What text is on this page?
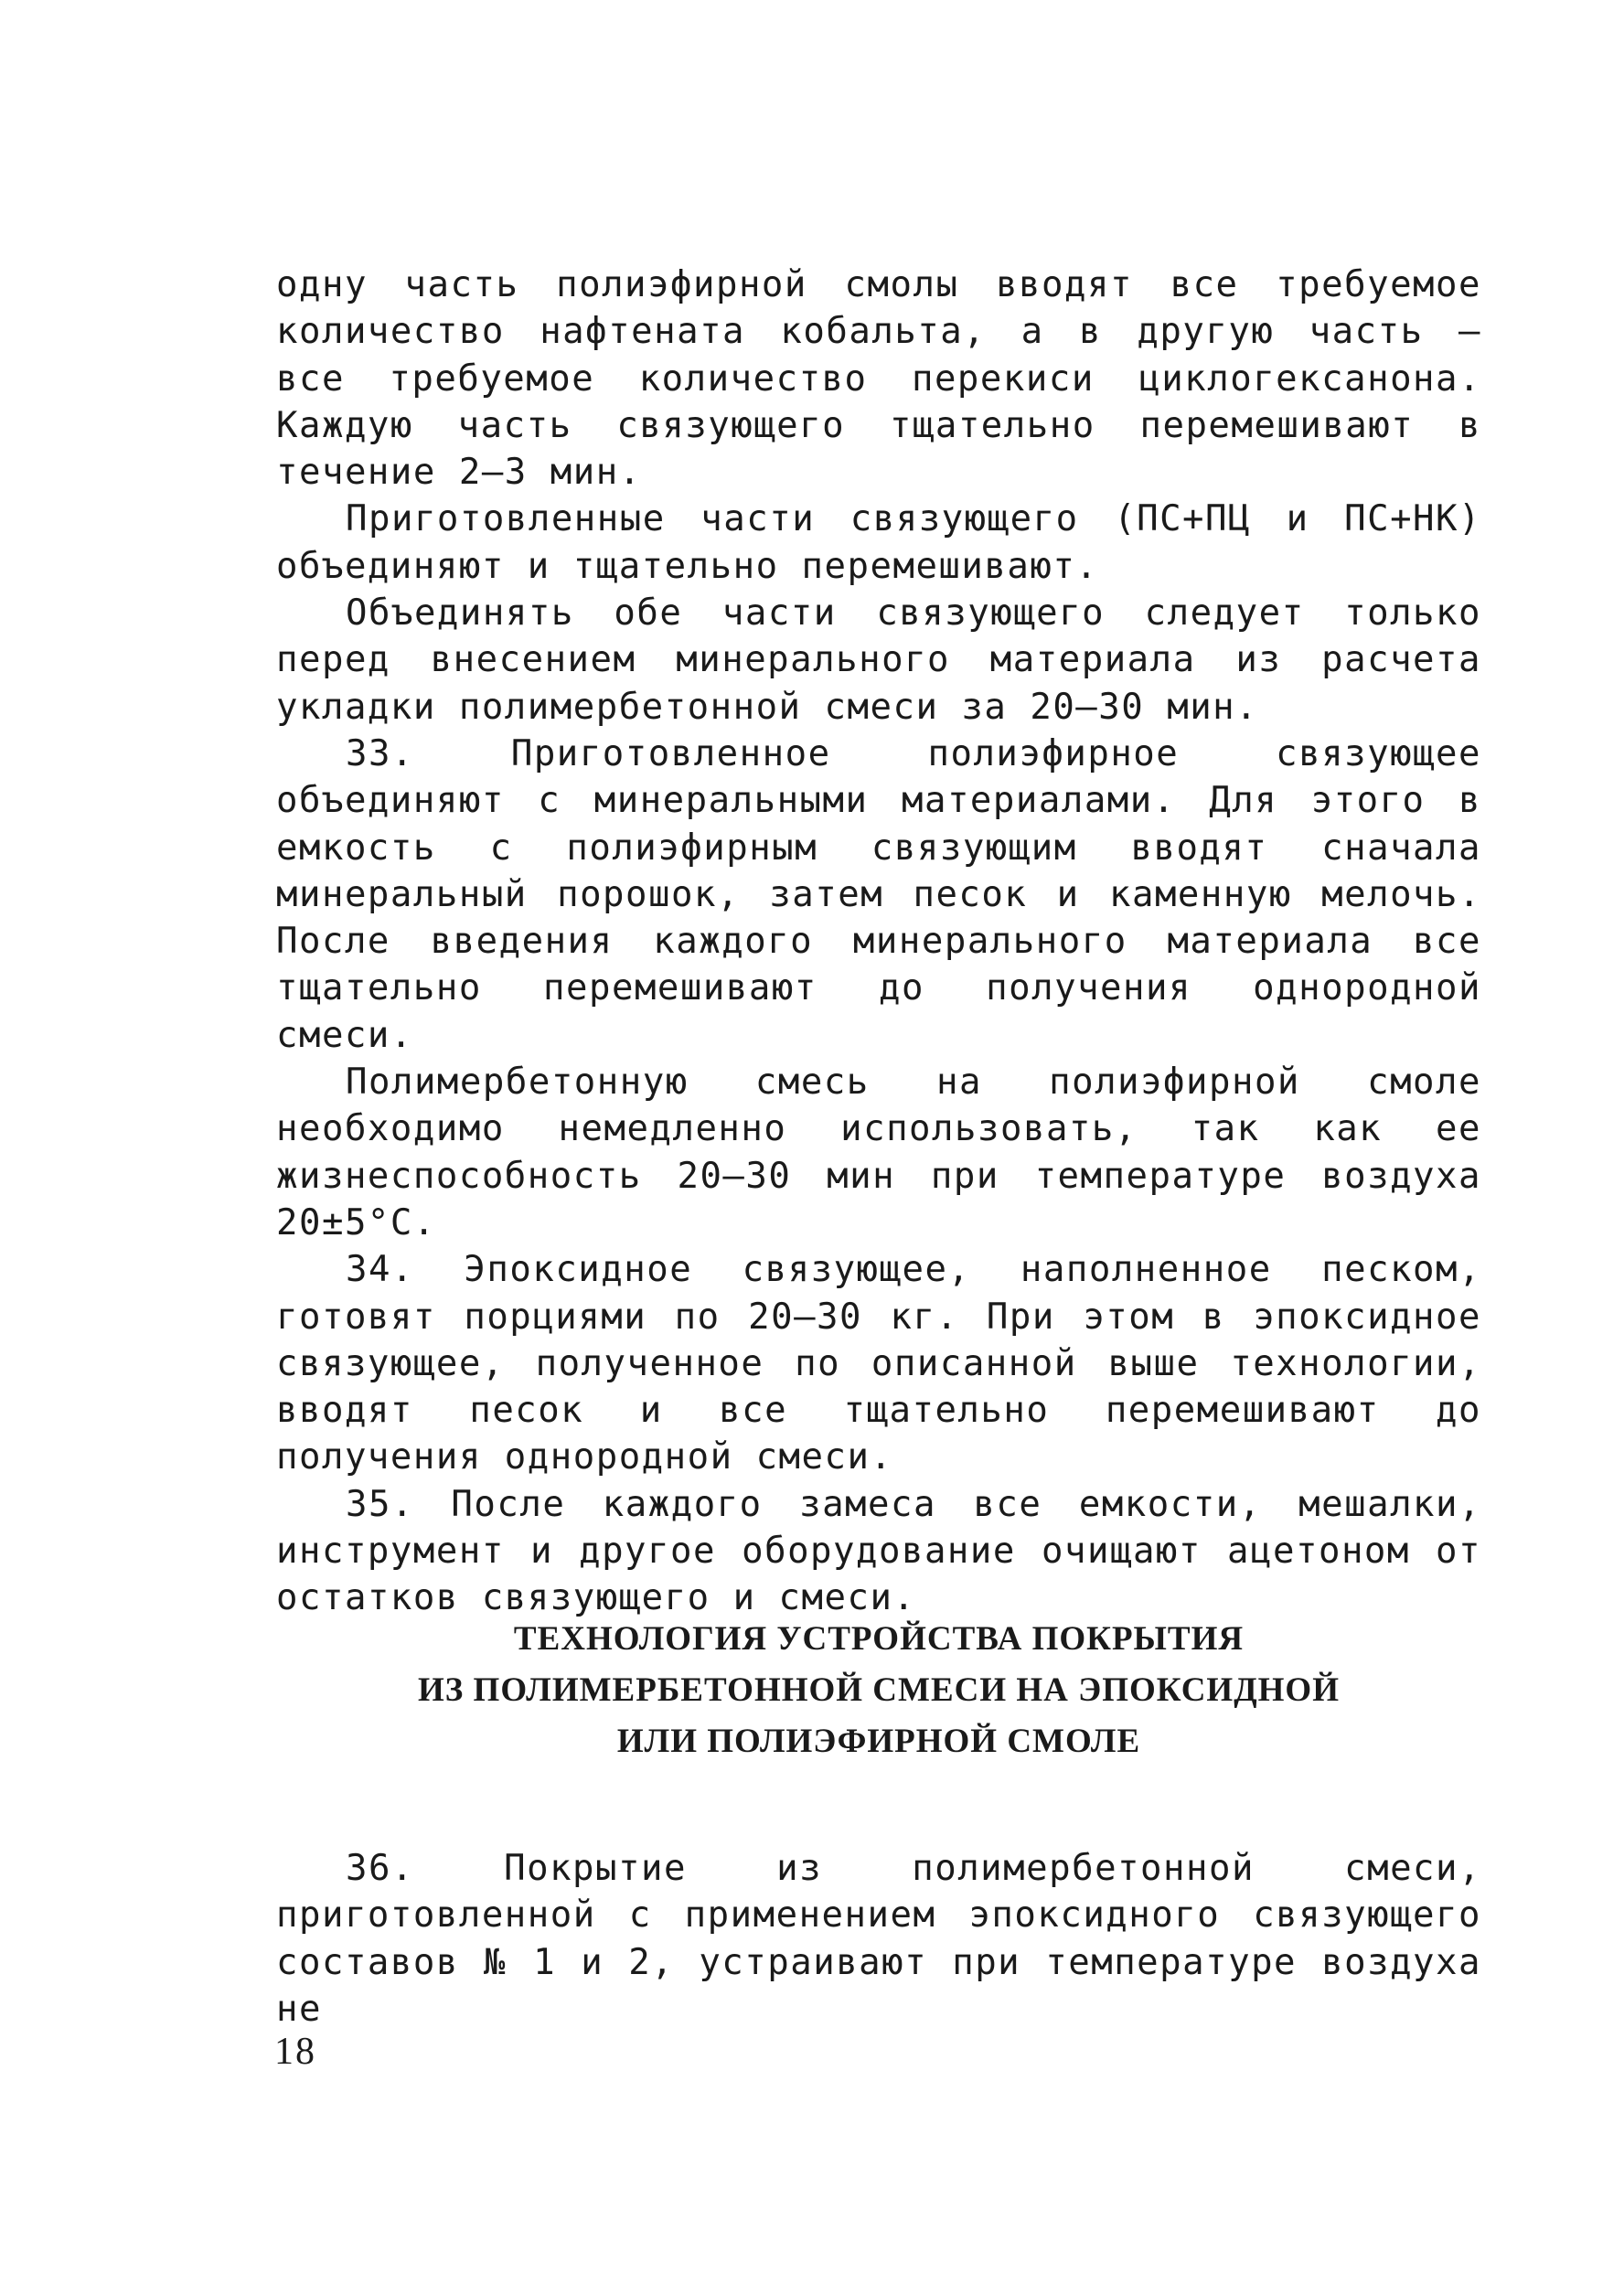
одну часть полиэфирной смолы вводят все требуемое количество нафтената кобальта, а в другую часть – все требуемое количество перекиси циклогексанона. Каждую часть связующего тщательно перемешивают в течение 2–3 мин.

Приготовленные части связующего (ПС+ПЦ и ПС+НК) объединяют и тщательно перемешивают.

Объединять обе части связующего следует только перед внесением минерального материала из расчета укладки полимербетонной смеси за 20–30 мин.

33. Приготовленное полиэфирное связующее объединяют с минеральными материалами. Для этого в емкость с полиэфирным связующим вводят сначала минеральный порошок, затем песок и каменную мелочь. После введения каждого минерального материала все тщательно перемешивают до получения однородной смеси.

Полимербетонную смесь на полиэфирной смоле необходимо немедленно использовать, так как ее жизнеспособность 20–30 мин при температуре воздуха 20±5°С.

34. Эпоксидное связующее, наполненное песком, готовят порциями по 20–30 кг. При этом в эпоксидное связующее, полученное по описанной выше технологии, вводят песок и все тщательно перемешивают до получения однородной смеси.

35. После каждого замеса все емкости, мешалки, инструмент и другое оборудование очищают ацетоном от остатков связующего и смеси.

ТЕХНОЛОГИЯ УСТРОЙСТВА ПОКРЫТИЯ
ИЗ ПОЛИМЕРБЕТОННОЙ СМЕСИ НА ЭПОКСИДНОЙ
ИЛИ ПОЛИЭФИРНОЙ СМОЛЕ

36. Покрытие из полимербетонной смеси, приготовленной с применением эпоксидного связующего составов № 1 и 2, устраивают при температуре воздуха не

18
